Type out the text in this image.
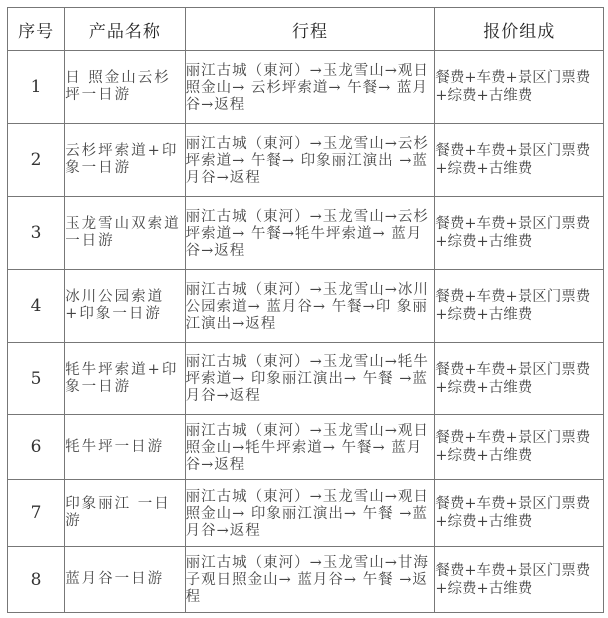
序号	产品名称	行程	报价组成
1	日 照金山云杉 坪一日游	丽江古城（東河）→玉龙雪山→观日照金山→ 云杉坪索道→ 午餐→ 蓝月谷→返程	餐费+车费+景区门票费+综费+古维费
2	云杉坪索道+印 象一日游	丽江古城（東河）→玉龙雪山→云杉坪索道→ 午餐→ 印象丽江演出 →蓝月谷→返程	餐费+车费+景区门票费+综费+古维费
3	玉龙雪山双索道一日游	丽江古城（東河）→玉龙雪山→云杉坪索道→ 午餐→牦牛坪索道→ 蓝月谷→返程	餐费+车费+景区门票费+综费+古维费
4	冰川公园索道+印象一日游	丽江古城（東河）→玉龙雪山→冰川公园索道→ 蓝月谷→ 午餐→印 象丽江演出→返程	餐费+车费+景区门票费+综费+古维费
5	牦牛坪索道+印 象一日游	丽江古城（東河）→玉龙雪山→牦牛坪索道→ 印象丽江演出→ 午餐 →蓝月谷→返程	餐费+车费+景区门票费+综费+古维费
6	牦牛坪一日游	丽江古城（東河）→玉龙雪山→观日照金山→牦牛坪索道→ 午餐→ 蓝月谷→返程	餐费+车费+景区门票费+综费+古维费
7	印象丽江 一日 游	丽江古城（東河）→玉龙雪山→观日照金山→ 印象丽江演出→ 午餐 →蓝月谷→返程	餐费+车费+景区门票费+综费+古维费
8	蓝月谷一日游	丽江古城（東河）→玉龙雪山→甘海子观日照金山→ 蓝月谷→ 午餐 →返程	餐费+车费+景区门票费+综费+古维费
